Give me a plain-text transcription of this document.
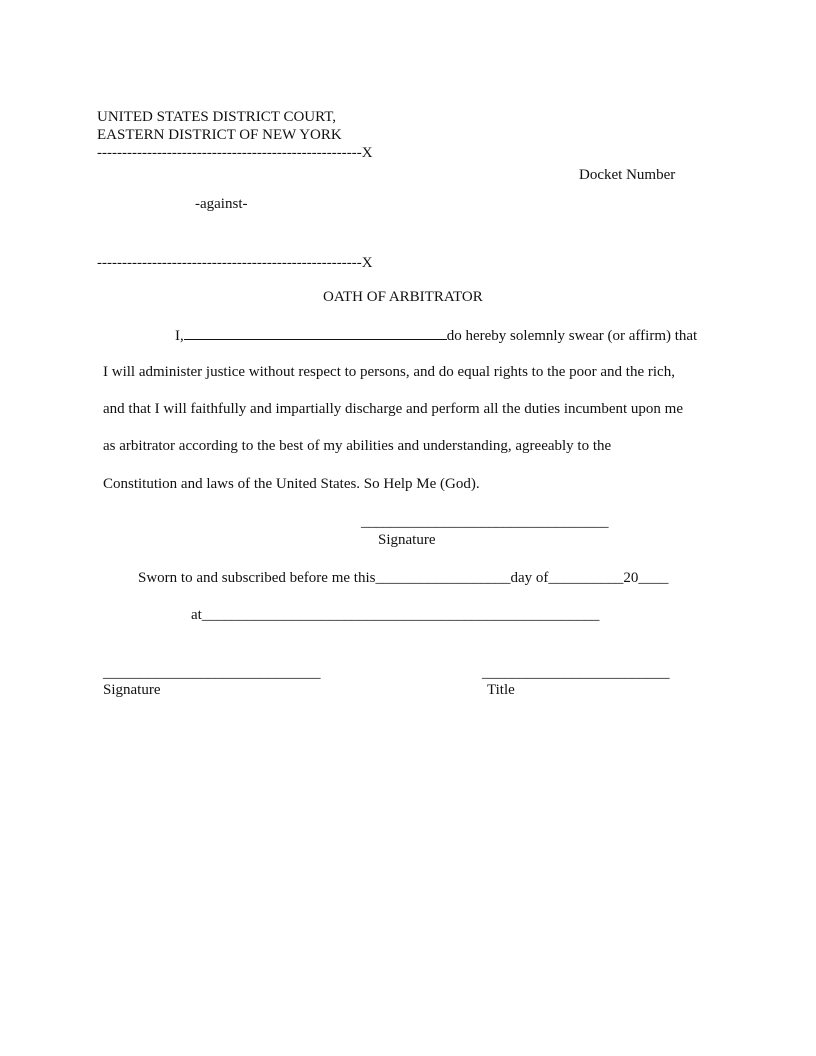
UNITED STATES DISTRICT COURT,
EASTERN DISTRICT OF NEW YORK
-----------------------------------------------------X
Docket Number
-against-
-----------------------------------------------------X
OATH OF ARBITRATOR
I,	do hereby solemnly swear (or affirm) that
I will administer justice without respect to persons, and do equal rights to the poor and the rich,
and that I will faithfully and impartially discharge and perform all the duties incumbent upon me
as arbitrator according to the best of my abilities and understanding, agreeably to the
Constitution and laws of the United States. So Help Me (God).
_________________________________
Signature
Sworn to and subscribed before me this__________________day of__________20____
at_____________________________________________________
_____________________________
Signature
_________________________
Title
